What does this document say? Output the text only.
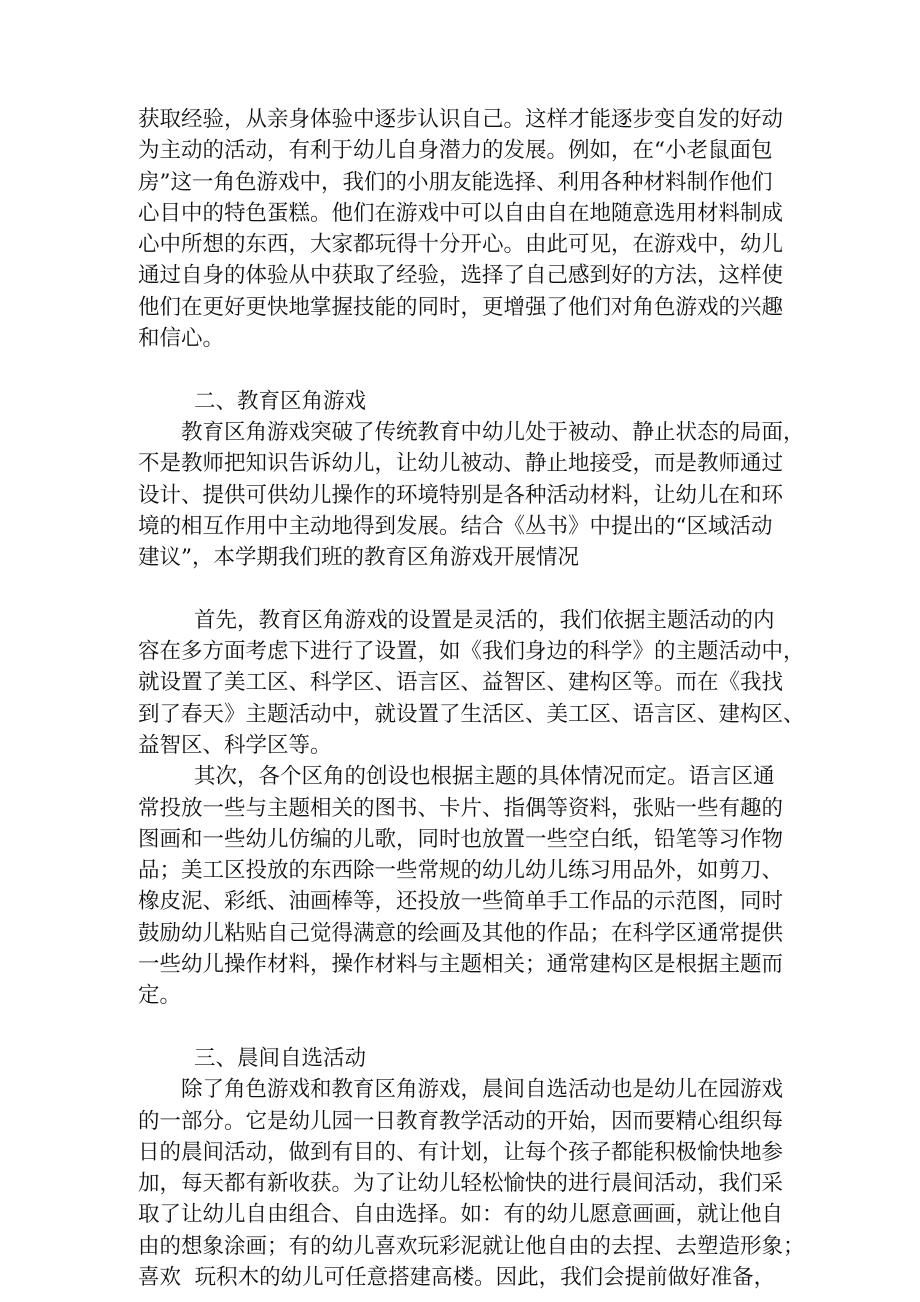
获取经验，从亲身体验中逐步认识自己。这样才能逐步变自发的好动
为主动的活动，有利于幼儿自身潜力的发展。例如，在“小老鼠面包
房”这一角色游戏中，我们的小朋友能选择、利用各种材料制作他们
心目中的特色蛋糕。他们在游戏中可以自由自在地随意选用材料制成
心中所想的东西，大家都玩得十分开心。由此可见，在游戏中，幼儿
通过自身的体验从中获取了经验，选择了自己感到好的方法，这样使
他们在更好更快地掌握技能的同时，更增强了他们对角色游戏的兴趣
和信心。
二、教育区角游戏
教育区角游戏突破了传统教育中幼儿处于被动、静止状态的局面，
不是教师把知识告诉幼儿，让幼儿被动、静止地接受，而是教师通过
设计、提供可供幼儿操作的环境特别是各种活动材料，让幼儿在和环
境的相互作用中主动地得到发展。结合《丛书》中提出的“区域活动
建议”，本学期我们班的教育区角游戏开展情况
首先，教育区角游戏的设置是灵活的，我们依据主题活动的内
容在多方面考虑下进行了设置，如《我们身边的科学》的主题活动中，
就设置了美工区、科学区、语言区、益智区、建构区等。而在《我找
到了春天》主题活动中，就设置了生活区、美工区、语言区、建构区、
益智区、科学区等。
其次，各个区角的创设也根据主题的具体情况而定。语言区通
常投放一些与主题相关的图书、卡片、指偶等资料，张贴一些有趣的
图画和一些幼儿仿编的儿歌，同时也放置一些空白纸，铅笔等习作物
品；美工区投放的东西除一些常规的幼儿幼儿练习用品外，如剪刀、
橡皮泥、彩纸、油画棒等，还投放一些简单手工作品的示范图，同时
鼓励幼儿粘贴自己觉得满意的绘画及其他的作品；在科学区通常提供
一些幼儿操作材料，操作材料与主题相关；通常建构区是根据主题而
定。
三、晨间自选活动
除了角色游戏和教育区角游戏，晨间自选活动也是幼儿在园游戏
的一部分。它是幼儿园一日教育教学活动的开始，因而要精心组织每
日的晨间活动，做到有目的、有计划，让每个孩子都能积极愉快地参
加，每天都有新收获。为了让幼儿轻松愉快的进行晨间活动，我们采
取了让幼儿自由组合、自由选择。如：有的幼儿愿意画画，就让他自
由的想象涂画；有的幼儿喜欢玩彩泥就让他自由的去捏、去塑造形象；
喜欢  玩积木的幼儿可任意搭建高楼。因此，我们会提前做好准备，
